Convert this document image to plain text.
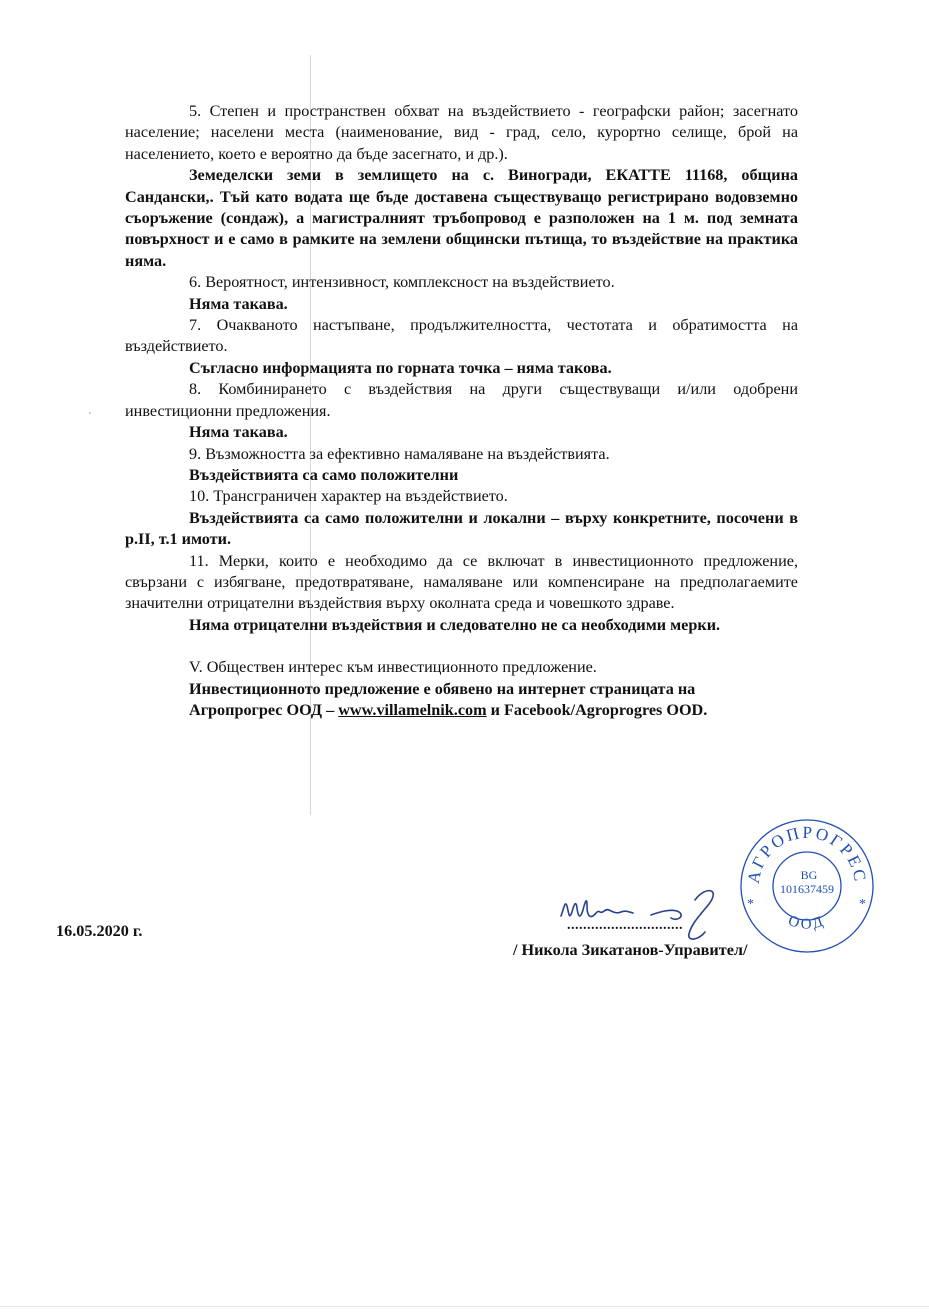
5. Степен и пространствен обхват на въздействието - географски район; засегнато население; населени места (наименование, вид - град, село, курортно селище, брой на населението, което е вероятно да бъде засегнато, и др.).

Земеделски земи в землището на с. Виногради, ЕКАТТЕ 11168, община Сандански,. Тъй като водата ще бъде доставена съществуващо регистрирано водовземно съоръжение (сондаж), а магистралният тръбопровод е разположен на 1 м. под земната повърхност и е само в рамките на землени общински пътища, то въздействие на практика няма.

6. Вероятност, интензивност, комплексност на въздействието.

Няма такава.

7. Очакваното настъпване, продължителността, честотата и обратимостта на въздействието.

Съгласно информацията по горната точка – няма такова.

8. Комбинирането с въздействия на други съществуващи и/или одобрени инвестиционни предложения.

Няма такава.

9. Възможността за ефективно намаляване на въздействията.

Въздействията са само положителни

10. Трансграничен характер на въздействието.

Въздействията са само положителни и локални – върху конкретните, посочени в р.II, т.1 имоти.

11. Мерки, които е необходимо да се включат в инвестиционното предложение, свързани с избягване, предотвратяване, намаляване или компенсиране на предполагаемите значителни отрицателни въздействия върху околната среда и човешкото здраве.

Няма отрицателни въздействия и следователно не са необходими мерки.

V. Обществен интерес към инвестиционното предложение.

Инвестиционното предложение е обявено на интернет страницата на

Агропрогрес ООД – www.villamelnik.com и Facebook/Agroprogres OOD.

16.05.2020 г.	.............................
/ Никола Зикатанов-Управител/
АГРОПРОГРЕС
ООД
BG
101637459
*	*
